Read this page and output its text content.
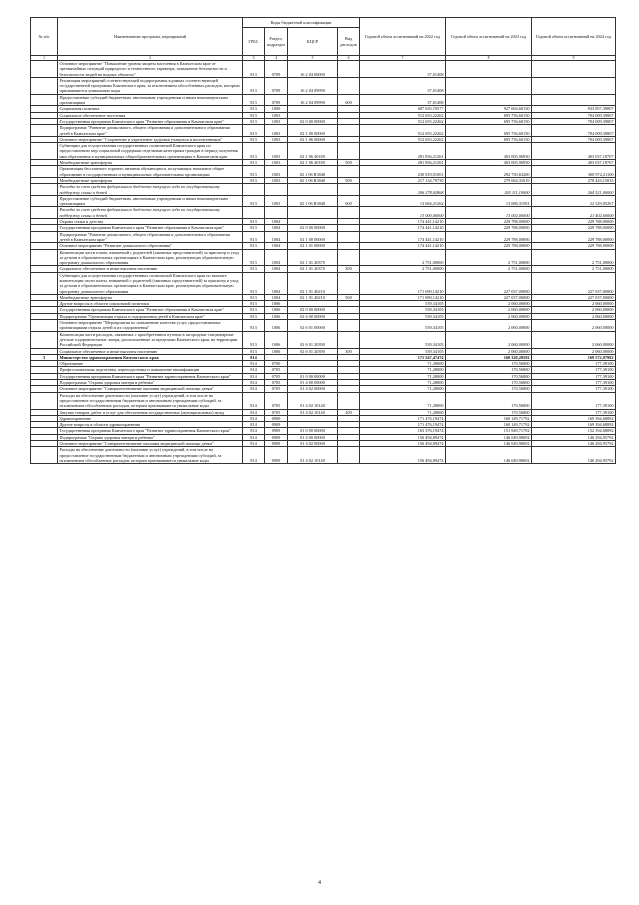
№ п/п	Наименование программ, мероприятий	Коды бюджетной классификации				Годовой объем ассигнований на 2022 год	Годовой объем ассигнований на 2023 год	Годовой объем ассигнований на 2024 год
		ГРБС	Раздел, подраздел	КЦСР	Вид расходов			
1	2	3	4	5	6	7	8	9
	Основное мероприятие "Повышение уровня защиты населения в Камчатском крае от чрезвычайных ситуаций природного и техногенного характера, повышение безопасности и безопасности людей на водных объектах"	813	0709	16 2 04 00000		37,01408		
	Реализация мероприятий соответствующей подпрограммы в рамках соответствующей государственной программы Камчатского края, за исключением обособленных расходов, которым присваиваются уникальные коды	813	0709	16 2 04 09990		37,01408		
	Предоставление субсидий бюджетным, автономным учреждениям и иным некоммерческим организациям	813	0709	16 2 04 09990	600	37,01408		
	Социальная политика	813	1000			687 635,70577	927 604,60150	933 857,39807
	Социальное обеспечение населения	813	1003			512 655,22262	695 756,60150	704 009,39807
	Государственная программа Камчатского края "Развитие образования в Камчатском крае"	813	1003	02 0 00 00000		512 655,22262	695 756,60150	704 009,39807
	Подпрограмма "Развитие дошкольного, общего образования и дополнительного образования детей в Камчатском крае"	813	1003	02 1 00 00000		512 655,22262	695 756,60150	704 009,39807
	Основное мероприятие "Сохранение и укрепление здоровья учащихся и воспитанников"	813	1003	02 1 06 00000		512 655,22262	695 756,60150	704 009,39807
	Субвенции для осуществления государственных полномочий Камчатского края по предоставлению мер социальной поддержки отдельным категориям граждан в период получения ими образования в муниципальных общеобразовательных организациях в Камчатском крае	813	1003	02 1 06 40180		281 836,21261	403 005,96950	403 037,18707
	Межбюджетные трансферты	813	1003	02 1 06 40180	500	281 836,21261	403 005,96950	403 037,18707
	Организация бесплатного горячего питания обучающихся, получающих начальное общее образование в государственных и муниципальных образовательных организациях	813	1003	02 1 06 R3040		230 819,01001	292 750,63200	300 972,21100
	Межбюджетные трансферты	813	1003	02 1 06 R3040	500	217 134,79739	279 064,31619	278 443,15833
	Расходы за счет средств федерального бюджета текущего года по государственному поддержку семьи и детей					206 278,02868	265 111,10000	264 521,00000
	Предоставление субсидий бюджетным, автономным учреждениям и иным некоммерческим организациям	813	1003	02 1 06 R3040	600	13 684,21262	13 686,31581	22 529,05267
	Расходы за счет средств федерального бюджета текущего года по государственному поддержку семьи и детей					13 000,00000	13 002,00000	21 402,60000
	Охрана семьи и детства	813	1004			174 441,14210	229 788,00000	229 788,00000
	Государственная программа Камчатского края "Развитие образования в Камчатском крае"	813	1004	02 0 00 00000		174 441,14210	229 788,00000	229 788,00000
	Подпрограмма "Развитие дошкольного, общего образования и дополнительного образования детей в Камчатском крае"	813	1004	02 1 00 00000		174 441,14210	229 788,00000	229 788,00000
	Основное мероприятие "Развитие дошкольного образования"	813	1004	02 1 01 00000		174 441,14210	229 788,00000	229 788,00000
	Компенсация части платы, взимаемой с родителей (законных представителей) за присмотр и уход за детьми в образовательных организациях в Камчатском крае, реализующих образовательную программу дошкольного образования	813	1004	02 1 01 20370		2 751,00000	2 751,00000	2 751,00000
	Социальное обеспечение и иные выплаты населению	813	1004	02 1 01 20370	300	2 751,00000	2 751,00000	2 751,00000
	Субвенции для осуществления государственных полномочий Камчатского края по выплате компенсации части платы, взимаемой с родителей (законных представителей) за присмотр и уход за детьми в образовательных организациях в Камчатском крае, реализующих образовательную программу дошкольного образования	813	1004	02 1 01 40210		171 690,14210	227 037,00000	227 037,00000
	Межбюджетные трансферты	813	1004	02 1 01 40210	500	171 690,14210	227 037,00000	227 037,00000
	Другие вопросы в области социальной политики	813	1006			539,34105	2 060,00000	2 060,00000
	Государственная программа Камчатского края "Развитие образования в Камчатском крае"	813	1006	02 0 00 00000		539,34105	2 060,00000	2 060,00000
	Подпрограмма "Организация отдыха и оздоровления детей в Камчатском крае"	813	1006	02 6 00 00000		539,34105	2 060,00000	2 060,00000
	Основное мероприятие "Мероприятия по повышению качества услуг, предоставляемых организациями отдыха детей и их оздоровления"	813	1006	02 6 01 00000		539,34105	2 060,00000	2 060,00000
	Компенсация части расходов, связанных с приобретением путевок в загородные стационарные детские оздоровительные лагеря, расположенные за пределами Камчатского края, на территории Российской Федерации	813	1006	02 6 01 20390		539,34105	2 060,00000	2 060,00000
	Социальное обеспечение и иные выплаты населению	813	1006	02 6 01 20390	300	539,34105	2 060,00000	2 060,00000
3	Министерство здравоохранения Камчатского края	814				171 547,47474	160 320,28592	169 572,07992
	Образование	814	0700			71,28000	170,56800	177,39100
	Профессиональная подготовка, переподготовка и повышение квалификации	814	0705			71,28000	170,56800	177,39100
	Государственная программа Камчатского края "Развитие здравоохранения Камчатского края"	814	0705	01 0 00 00000		71,28000	170,56800	177,39100
	Подпрограмма "Охрана здоровья матери и ребенка"	814	0705	01 4 00 00000		71,28000	170,56800	177,39100
	Основное мероприятие "Совершенствование оказания медицинской помощи детям"	814	0705	01 4 02 00000		71,28000	170,56800	177,39100
	Расходы на обеспечение деятельности (оказание услуг) учреждений, в том числе на предоставление государственным бюджетным и автономным учреждениям субсидий, за исключением обособленных расходов, которым присваиваются уникальные коды	814	0705	01 4 02 10140		71,28000	170,56800	177,39100
	Закупка товаров, работ и услуг для обеспечения государственных (муниципальных) нужд	814	0705	01 4 02 10140	200	71,28000	170,56800	177,39100
	Здравоохранение	814	0900			171 476,19474	160 149,71792	169 394,68892
	Другие вопросы в области здравоохранения	814	0909			171 476,19474	160 149,71792	169 394,68892
	Государственная программа Камчатского края "Развитие здравоохранения Камчатского края"	814	0909	01 0 00 00000		163 376,19474	151 949,71792	152 194,68892
	Подпрограмма "Охрана здоровья матери и ребенка"	814	0909	01 4 00 00000		156 494,89474	146 049,98692	146 294,95792
	Основное мероприятие "Совершенствование оказания медицинской помощи детям"	814	0909	01 4 02 00000		156 494,89474	146 049,98692	146 294,95792
	Расходы на обеспечение деятельности (оказание услуг) учреждений, в том числе на предоставление государственным бюджетным и автономным учреждениям субсидий, за исключением обособленных расходов, которым присваиваются уникальные коды	814	0909	01 4 02 10140		156 494,89474	146 049,98692	146 294,95792
4
